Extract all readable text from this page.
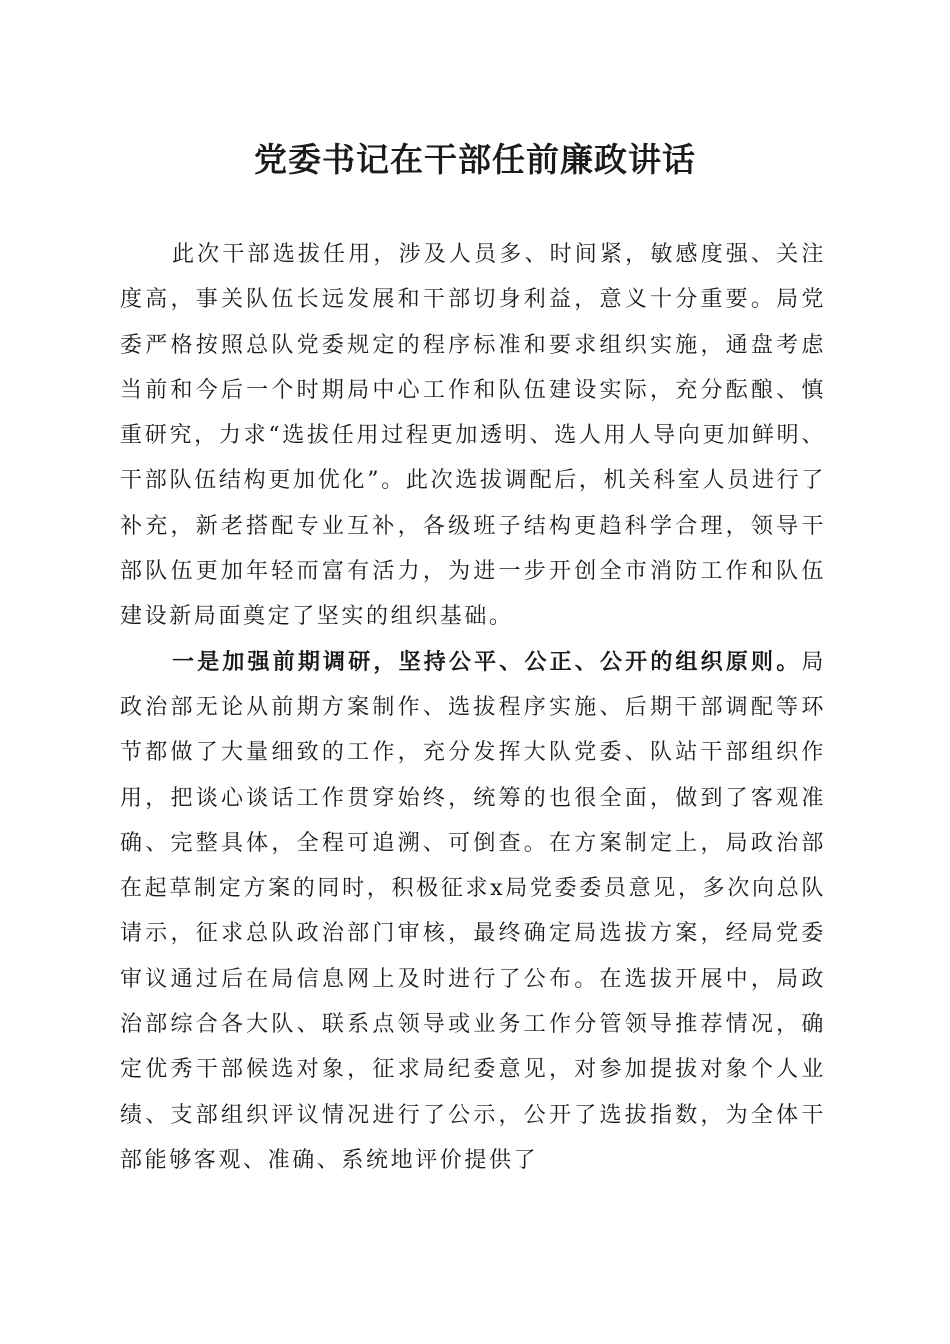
党委书记在干部任前廉政讲话

此次干部选拔任用，涉及人员多、时间紧，敏感度强、关注度高，事关队伍长远发展和干部切身利益，意义十分重要。局党委严格按照总队党委规定的程序标准和要求组织实施，通盘考虑当前和今后一个时期局中心工作和队伍建设实际，充分酝酿、慎重研究，力求“选拔任用过程更加透明、选人用人导向更加鲜明、干部队伍结构更加优化”。此次选拔调配后，机关科室人员进行了补充，新老搭配专业互补，各级班子结构更趋科学合理，领导干部队伍更加年轻而富有活力，为进一步开创全市消防工作和队伍建设新局面奠定了坚实的组织基础。

一是加强前期调研，坚持公平、公正、公开的组织原则。局政治部无论从前期方案制作、选拔程序实施、后期干部调配等环节都做了大量细致的工作，充分发挥大队党委、队站干部组织作用，把谈心谈话工作贯穿始终，统筹的也很全面，做到了客观准确、完整具体，全程可追溯、可倒查。在方案制定上，局政治部在起草制定方案的同时，积极征求x局党委委员意见，多次向总队请示，征求总队政治部门审核，最终确定局选拔方案，经局党委审议通过后在局信息网上及时进行了公布。在选拔开展中，局政治部综合各大队、联系点领导或业务工作分管领导推荐情况，确定优秀干部候选对象，征求局纪委意见，对参加提拔对象个人业绩、支部组织评议情况进行了公示，公开了选拔指数，为全体干部能够客观、准确、系统地评价提供了
